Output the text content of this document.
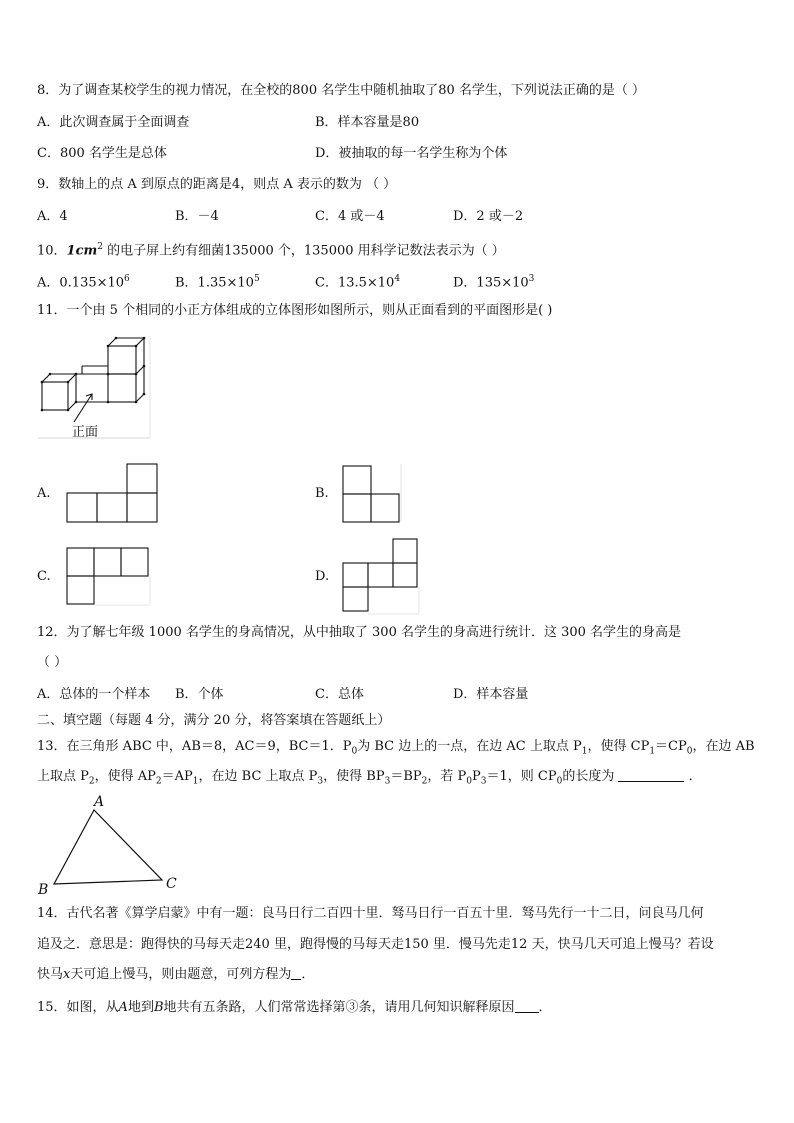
8．为了调查某校学生的视力情况，在全校的800 名学生中随机抽取了80 名学生，下列说法正确的是（ ）
A．此次调查属于全面调查	B．样本容量是80
C．800 名学生是总体	D．被抽取的每一名学生称为个体
9．数轴上的点 A 到原点的距离是4，则点 A 表示的数为 （ ）
A．4	B．－4	C．4 或－4	D．2 或－2
10．$1cm^2$ 的电子屏上约有细菌135000 个，135000 用科学记数法表示为（ ）
A．$0.135\times 10^6$	B．$1.35\times 10^5$	C．$13.5\times 10^4$	D．$135\times 10^3$
11．一个由 5 个相同的小正方体组成的立体图形如图所示，则从正面看到的平面图形是( )
正面
A.	B.
C.	D.
12．为了解七年级 1000 名学生的身高情况，从中抽取了 300 名学生的身高进行统计．这 300 名学生的身高是
（ ）
A．总体的一个样本 B．个体	C．总体	D．样本容量
二、填空题（每题 4 分，满分 20 分，将答案填在答题纸上）
13．在三角形 ABC 中，AB＝8，AC＝9，BC＝1．$P_0$为 BC 边上的一点，在边 AC 上取点 $P_1$，使得 $CP_1=CP_0$，在边 AB
上取点 $P_2$，使得 $AP_2=AP_1$，在边 BC 上取点 $P_3$，使得 $BP_3=BP_2$，若 $P_0P_3=1$，则 $CP_0$的长度为	．
A
B	C
14．古代名著《算学启蒙》中有一题：良马日行二百四十里．驽马日行一百五十里．驽马先行一十二日，问良马几何
追及之．意思是：跑得快的马每天走240 里，跑得慢的马每天走150 里．慢马先走12 天，快马几天可追上慢马？若设
快马x天可追上慢马，则由题意，可列方程为 ．
15．如图，从A地到B地共有五条路，人们常常选择第③条，请用几何知识解释原因 ．
